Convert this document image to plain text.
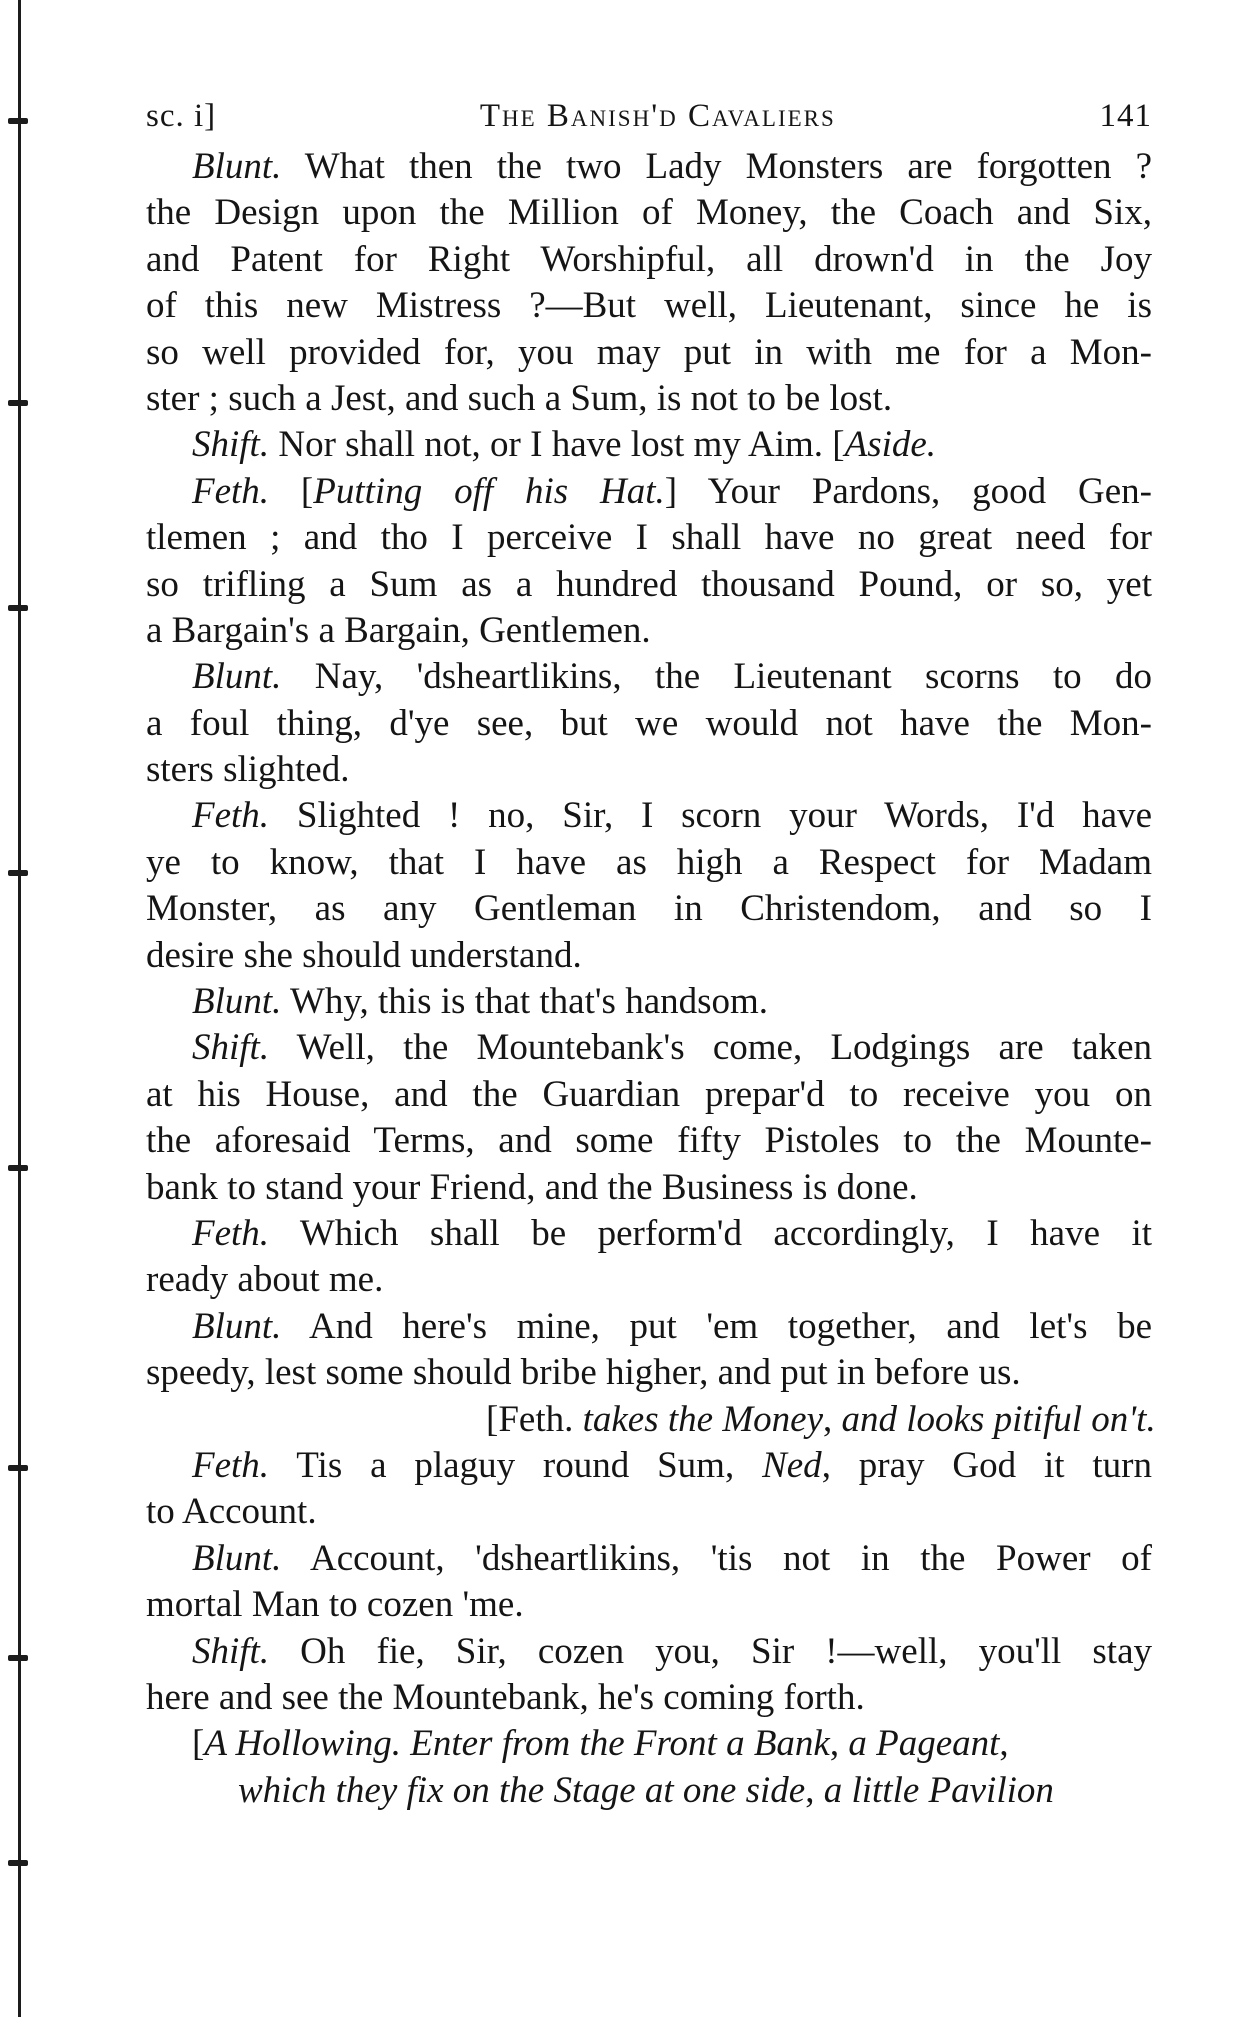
sc. i]	The Banish'd Cavaliers	141
Blunt. What then the two Lady Monsters are forgotten ?
the Design upon the Million of Money, the Coach and Six,
and Patent for Right Worshipful, all drown'd in the Joy
of this new Mistress ?—But well, Lieutenant, since he is
so well provided for, you may put in with me for a Mon-
ster ; such a Jest, and such a Sum, is not to be lost.
Shift. Nor shall not, or I have lost my Aim. [Aside.
Feth. [Putting off his Hat.] Your Pardons, good Gen-
tlemen ; and tho I perceive I shall have no great need for
so trifling a Sum as a hundred thousand Pound, or so, yet
a Bargain's a Bargain, Gentlemen.
Blunt. Nay, 'dsheartlikins, the Lieutenant scorns to do
a foul thing, d'ye see, but we would not have the Mon-
sters slighted.
Feth. Slighted ! no, Sir, I scorn your Words, I'd have
ye to know, that I have as high a Respect for Madam
Monster, as any Gentleman in Christendom, and so I
desire she should understand.
Blunt. Why, this is that that's handsom.
Shift. Well, the Mountebank's come, Lodgings are taken
at his House, and the Guardian prepar'd to receive you on
the aforesaid Terms, and some fifty Pistoles to the Mounte-
bank to stand your Friend, and the Business is done.
Feth. Which shall be perform'd accordingly, I have it
ready about me.
Blunt. And here's mine, put 'em together, and let's be
speedy, lest some should bribe higher, and put in before us.
[Feth. takes the Money, and looks pitiful on't.
Feth. Tis a plaguy round Sum, Ned, pray God it turn
to Account.
Blunt. Account, 'dsheartlikins, 'tis not in the Power of
mortal Man to cozen 'me.
Shift. Oh fie, Sir, cozen you, Sir !—well, you'll stay
here and see the Mountebank, he's coming forth.
[A Hollowing. Enter from the Front a Bank, a Pageant,
which they fix on the Stage at one side, a little Pavilion
